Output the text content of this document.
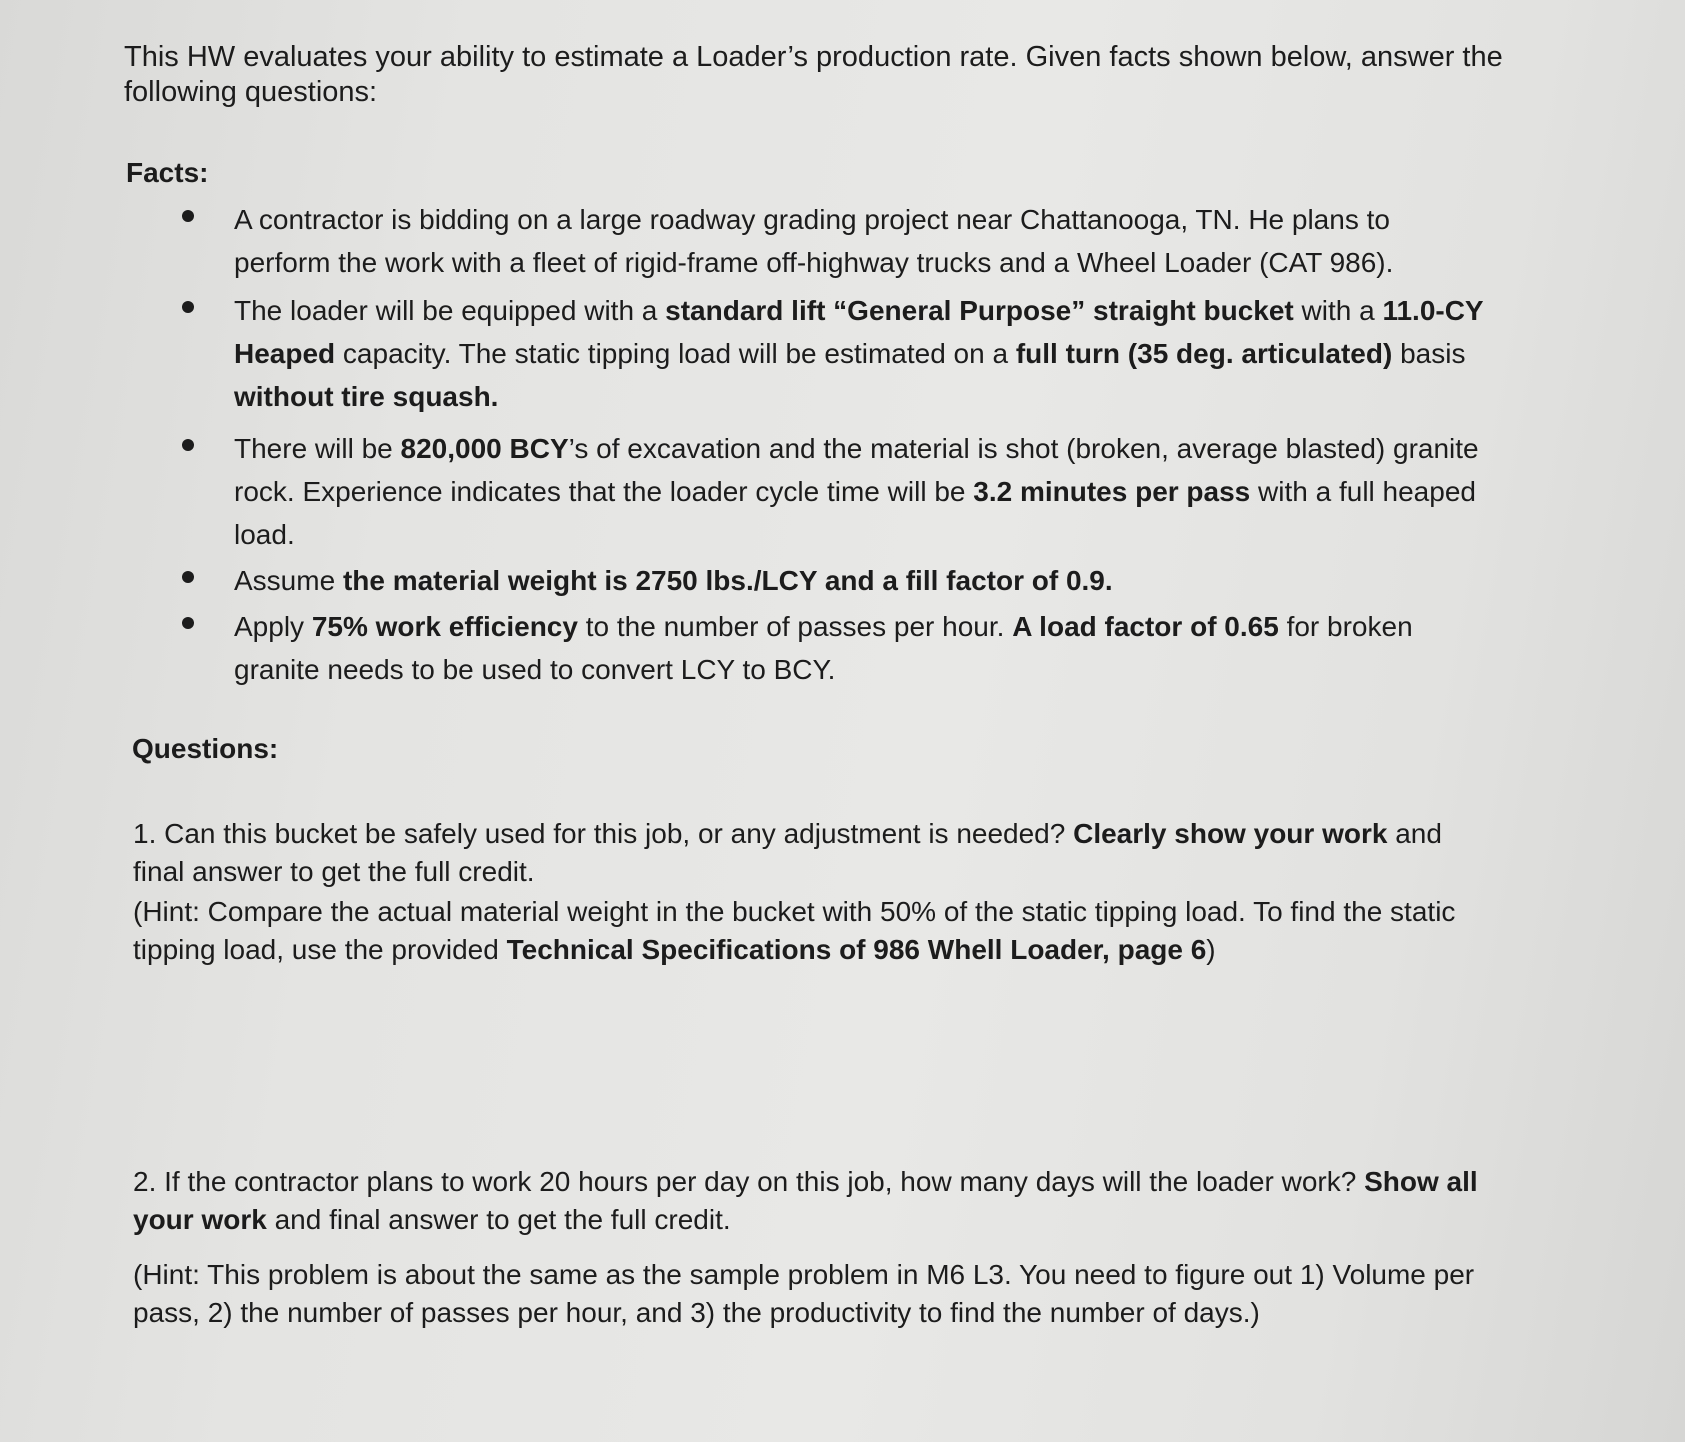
This HW evaluates your ability to estimate a Loader’s production rate. Given facts shown below, answer the following questions:

Facts:

A contractor is bidding on a large roadway grading project near Chattanooga, TN. He plans to perform the work with a fleet of rigid-frame off-highway trucks and a Wheel Loader (CAT 986).

The loader will be equipped with a standard lift “General Purpose” straight bucket with a 11.0-CY Heaped capacity. The static tipping load will be estimated on a full turn (35 deg. articulated) basis without tire squash.

There will be 820,000 BCY’s of excavation and the material is shot (broken, average blasted) granite rock. Experience indicates that the loader cycle time will be 3.2 minutes per pass with a full heaped load.

Assume the material weight is 2750 lbs./LCY and a fill factor of 0.9.

Apply 75% work efficiency to the number of passes per hour. A load factor of 0.65 for broken granite needs to be used to convert LCY to BCY.

Questions:

1. Can this bucket be safely used for this job, or any adjustment is needed? Clearly show your work and final answer to get the full credit.

(Hint: Compare the actual material weight in the bucket with 50% of the static tipping load. To find the static tipping load, use the provided Technical Specifications of 986 Whell Loader, page 6)

2. If the contractor plans to work 20 hours per day on this job, how many days will the loader work? Show all your work and final answer to get the full credit.

(Hint: This problem is about the same as the sample problem in M6 L3. You need to figure out 1) Volume per pass, 2) the number of passes per hour, and 3) the productivity to find the number of days.)
